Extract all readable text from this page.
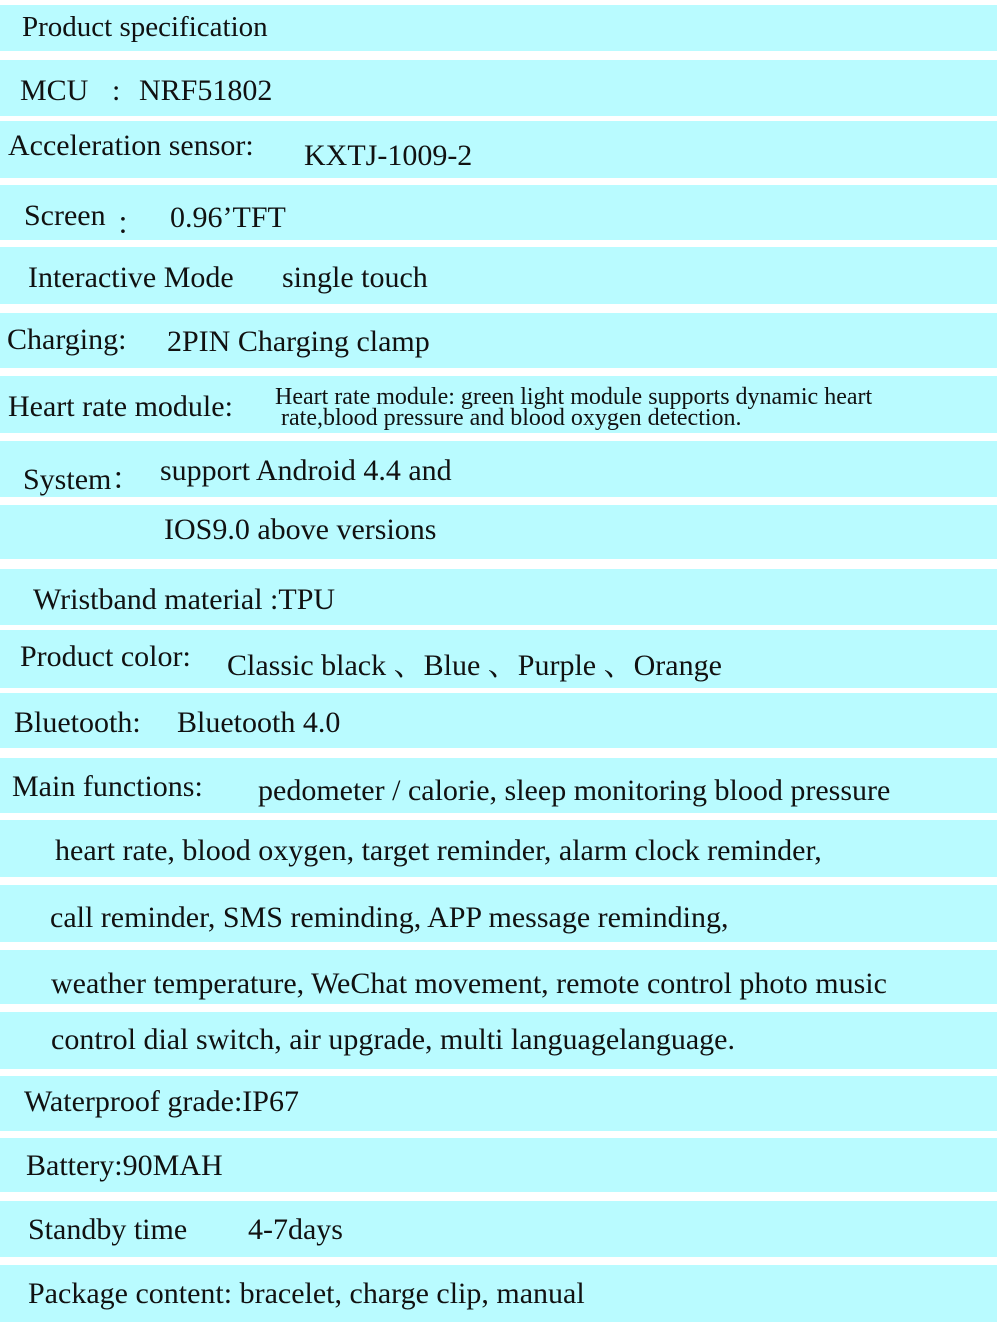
Product specification
MCU : NRF51802
Acceleration sensor: KXTJ-1009-2
Screen ： 0.96’TFT
Interactive Mode single touch
Charging: 2PIN Charging clamp
Heart rate module: Heart rate module: green light module supports dynamic heart
rate,blood pressure and blood oxygen detection.
System： support Android 4.4 and
IOS9.0 above versions
Wristband material :TPU
Product color: Classic black 、Blue 、Purple 、Orange
Bluetooth: Bluetooth 4.0
Main functions: pedometer / calorie, sleep monitoring blood pressure
heart rate, blood oxygen, target reminder, alarm clock reminder,
call reminder, SMS reminding, APP message reminding,
weather temperature, WeChat movement, remote control photo music
control dial switch, air upgrade, multi languagelanguage.
Waterproof grade:IP67
Battery:90MAH
Standby time 4-7days
Package content: bracelet, charge clip, manual
